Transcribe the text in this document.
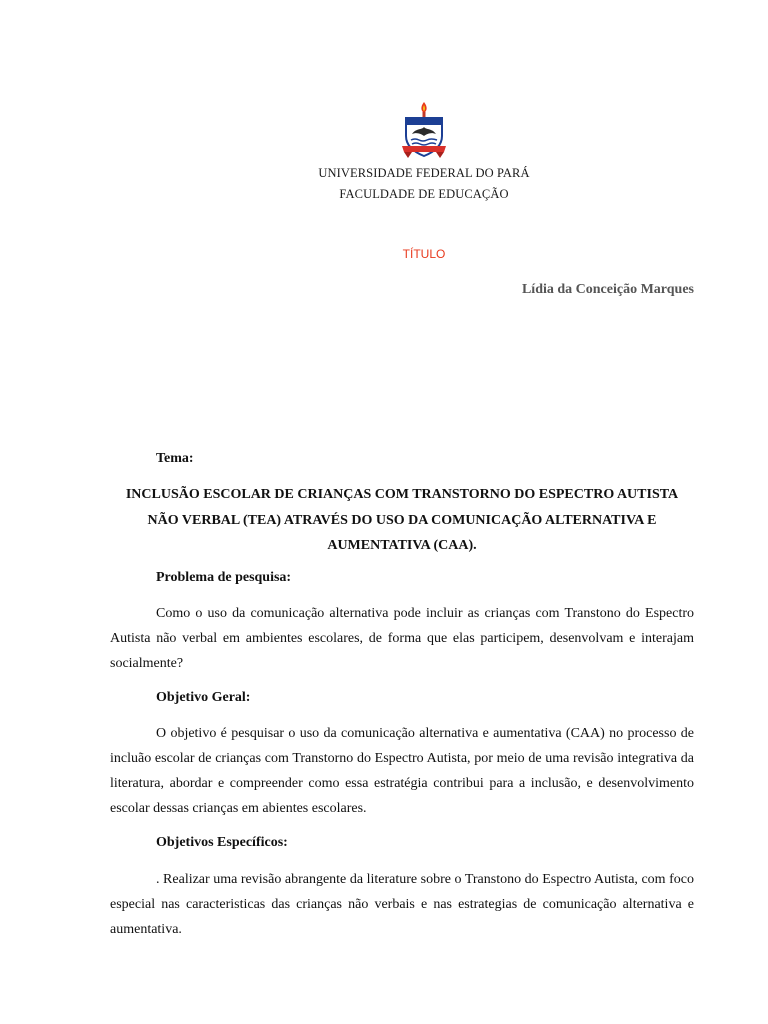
UNIVERSIDADE FEDERAL DO PARÁ
FACULDADE DE EDUCAÇÃO
TÍTULO
Lídia da Conceição Marques
Tema:
INCLUSÃO ESCOLAR DE CRIANÇAS COM TRANSTORNO DO ESPECTRO AUTISTA NÃO VERBAL (TEA) ATRAVÉS DO USO DA COMUNICAÇÃO ALTERNATIVA E AUMENTATIVA (CAA).
Problema de pesquisa:

Como o uso da comunicação alternativa pode incluir as crianças com Transtono do Espectro Autista não verbal em ambientes escolares, de forma que elas participem, desenvolvam e interajam socialmente?

Objetivo Geral:

O objetivo é pesquisar o uso da comunicação alternativa e aumentativa (CAA) no processo de incluão escolar de crianças com Transtorno do Espectro Autista, por meio de uma revisão integrativa da literatura, abordar e compreender como essa estratégia contribui para a inclusão, e desenvolvimento escolar dessas crianças em abientes escolares.

Objetivos Específicos:

. Realizar uma revisão abrangente da literature sobre o Transtono do Espectro Autista, com foco especial nas caracteristicas das crianças não verbais e nas estrategias de comunicação alternativa e aumentativa.
